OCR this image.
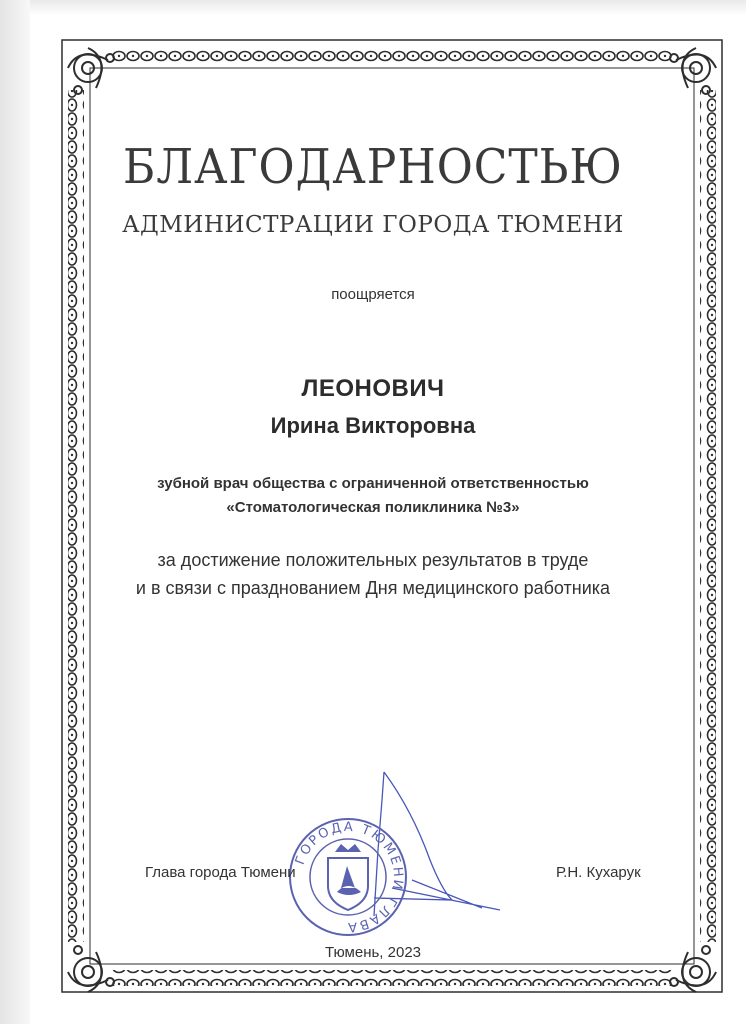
БЛАГОДАРНОСТЬЮ
АДМИНИСТРАЦИИ ГОРОДА ТЮМЕНИ
поощряется
ЛЕОНОВИЧ
Ирина Викторовна
зубной врач общества с ограниченной ответственностью
«Стоматологическая поликлиника №3»
за достижение положительных результатов в труде
и в связи с празднованием Дня медицинского работника
ГОРОДА ТЮМЕНИ ГЛАВА
Глава города Тюмени	Р.Н. Кухарук
Тюмень, 2023
